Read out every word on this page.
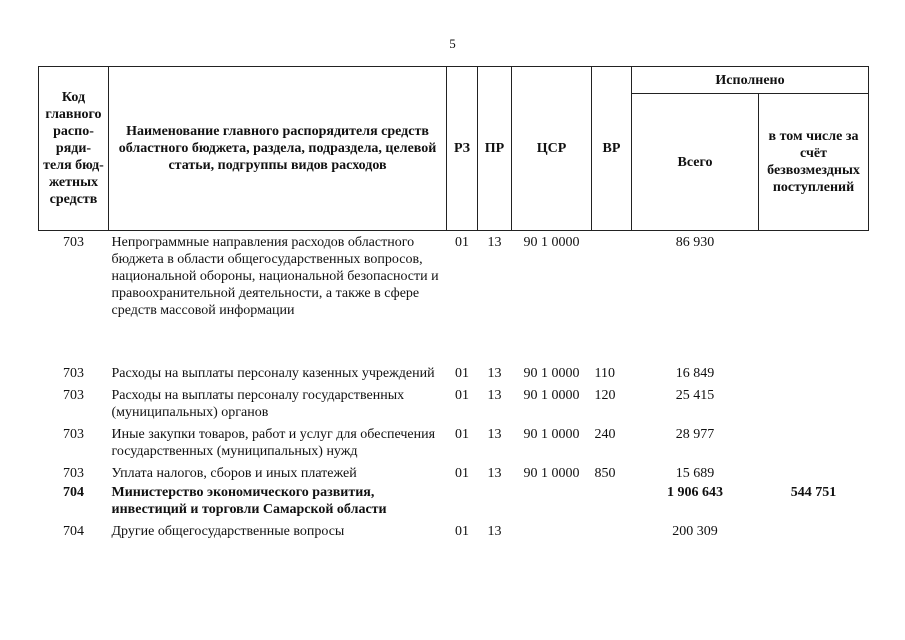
5
Код главного распо-ряди-теля бюд-жетных средств	Наименование главного распорядителя средств областного бюджета, раздела, подраздела, целевой статьи, подгруппы видов расходов	РЗ	ПР	ЦСР	ВР	Исполнено	
						Всего	в том числе за счёт безвозмездных поступлений
703	Непрограммные направления расходов областного бюджета в области общегосударственных вопросов, национальной обороны, национальной безопасности и правоохранительной деятельности, а также в сфере средств массовой информации	01	13	90 1 0000		86 930	
703	Расходы на выплаты персоналу казенных учреждений	01	13	90 1 0000	110	16 849	
703	Расходы на выплаты персоналу государственных (муниципальных) органов	01	13	90 1 0000	120	25 415	
703	Иные закупки товаров, работ и услуг для обеспечения государственных (муниципальных) нужд	01	13	90 1 0000	240	28 977	
703	Уплата налогов, сборов и иных платежей	01	13	90 1 0000	850	15 689	
704	Министерство экономического развития, инвестиций и торговли Самарской области					1 906 643	544 751
704	Другие общегосударственные вопросы	01	13			200 309	
